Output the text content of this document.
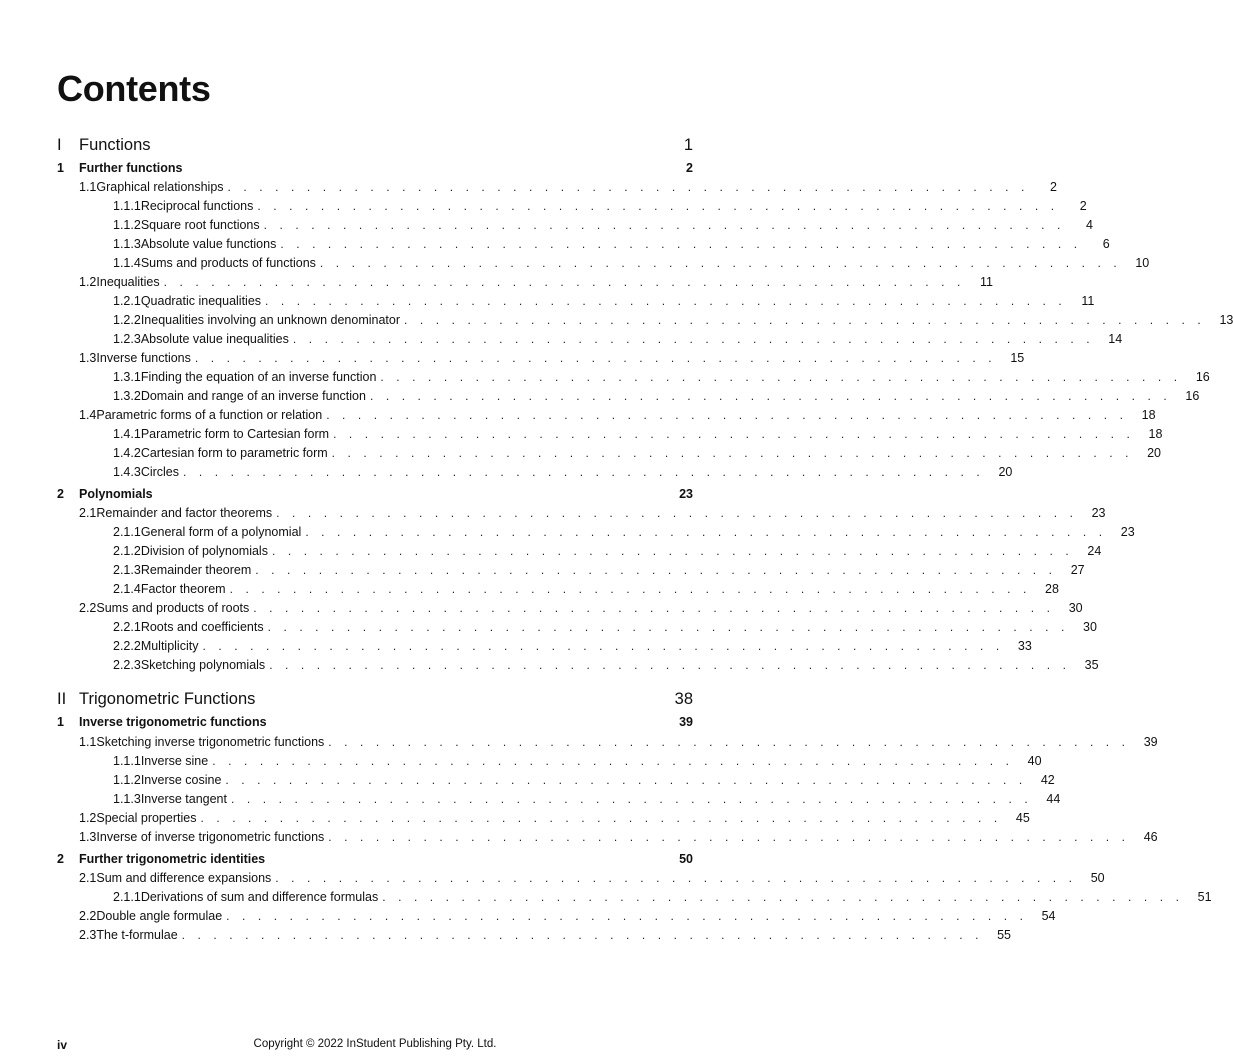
Contents
I	Functions	1
1	Further functions	2
1.1 Graphical relationships . . . . . . . . . . . . . . . . . . . . . . . . . . . . . . . . . . . . . . . . . . . . . . . . . . .	2
1.1.1 Reciprocal functions . . . . . . . . . . . . . . . . . . . . . . . . . . . . . . . . . . . . . . . . . . . . . . . . . . .	2
1.1.2 Square root functions . . . . . . . . . . . . . . . . . . . . . . . . . . . . . . . . . . . . . . . . . . . . . . . . . . .	4
1.1.3 Absolute value functions . . . . . . . . . . . . . . . . . . . . . . . . . . . . . . . . . . . . . . . . . . . . . . . . . . .	6
1.1.4 Sums and products of functions . . . . . . . . . . . . . . . . . . . . . . . . . . . . . . . . . . . . . . . . . . . . . . . . . . .	10
1.2 Inequalities . . . . . . . . . . . . . . . . . . . . . . . . . . . . . . . . . . . . . . . . . . . . . . . . . . .	11
1.2.1 Quadratic inequalities . . . . . . . . . . . . . . . . . . . . . . . . . . . . . . . . . . . . . . . . . . . . . . . . . . .	11
1.2.2 Inequalities involving an unknown denominator . . . . . . . . . . . . . . . . . . . . . . . . . . . . . . . . . . . . . . . . . . . . . . . . . . .	13
1.2.3 Absolute value inequalities . . . . . . . . . . . . . . . . . . . . . . . . . . . . . . . . . . . . . . . . . . . . . . . . . . .	14
1.3 Inverse functions . . . . . . . . . . . . . . . . . . . . . . . . . . . . . . . . . . . . . . . . . . . . . . . . . . .	15
1.3.1 Finding the equation of an inverse function . . . . . . . . . . . . . . . . . . . . . . . . . . . . . . . . . . . . . . . . . . . . . . . . . . .	16
1.3.2 Domain and range of an inverse function . . . . . . . . . . . . . . . . . . . . . . . . . . . . . . . . . . . . . . . . . . . . . . . . . . .	16
1.4 Parametric forms of a function or relation . . . . . . . . . . . . . . . . . . . . . . . . . . . . . . . . . . . . . . . . . . . . . . . . . . .	18
1.4.1 Parametric form to Cartesian form . . . . . . . . . . . . . . . . . . . . . . . . . . . . . . . . . . . . . . . . . . . . . . . . . . .	18
1.4.2 Cartesian form to parametric form . . . . . . . . . . . . . . . . . . . . . . . . . . . . . . . . . . . . . . . . . . . . . . . . . . .	20
1.4.3 Circles . . . . . . . . . . . . . . . . . . . . . . . . . . . . . . . . . . . . . . . . . . . . . . . . . . .	20
2	Polynomials	23
2.1 Remainder and factor theorems . . . . . . . . . . . . . . . . . . . . . . . . . . . . . . . . . . . . . . . . . . . . . . . . . . .	23
2.1.1 General form of a polynomial . . . . . . . . . . . . . . . . . . . . . . . . . . . . . . . . . . . . . . . . . . . . . . . . . . .	23
2.1.2 Division of polynomials . . . . . . . . . . . . . . . . . . . . . . . . . . . . . . . . . . . . . . . . . . . . . . . . . . .	24
2.1.3 Remainder theorem . . . . . . . . . . . . . . . . . . . . . . . . . . . . . . . . . . . . . . . . . . . . . . . . . . .	27
2.1.4 Factor theorem . . . . . . . . . . . . . . . . . . . . . . . . . . . . . . . . . . . . . . . . . . . . . . . . . . .	28
2.2 Sums and products of roots . . . . . . . . . . . . . . . . . . . . . . . . . . . . . . . . . . . . . . . . . . . . . . . . . . .	30
2.2.1 Roots and coefficients . . . . . . . . . . . . . . . . . . . . . . . . . . . . . . . . . . . . . . . . . . . . . . . . . . .	30
2.2.2 Multiplicity . . . . . . . . . . . . . . . . . . . . . . . . . . . . . . . . . . . . . . . . . . . . . . . . . . .	33
2.2.3 Sketching polynomials . . . . . . . . . . . . . . . . . . . . . . . . . . . . . . . . . . . . . . . . . . . . . . . . . . .	35
II Trigonometric Functions	38
1	Inverse trigonometric functions	39
1.1 Sketching inverse trigonometric functions . . . . . . . . . . . . . . . . . . . . . . . . . . . . . . . . . . . . . . . . . . . . . . . . . . .	39
1.1.1 Inverse sine . . . . . . . . . . . . . . . . . . . . . . . . . . . . . . . . . . . . . . . . . . . . . . . . . . .	40
1.1.2 Inverse cosine . . . . . . . . . . . . . . . . . . . . . . . . . . . . . . . . . . . . . . . . . . . . . . . . . . .	42
1.1.3 Inverse tangent . . . . . . . . . . . . . . . . . . . . . . . . . . . . . . . . . . . . . . . . . . . . . . . . . . .	44
1.2 Special properties . . . . . . . . . . . . . . . . . . . . . . . . . . . . . . . . . . . . . . . . . . . . . . . . . . .	45
1.3 Inverse of inverse trigonometric functions . . . . . . . . . . . . . . . . . . . . . . . . . . . . . . . . . . . . . . . . . . . . . . . . . . .	46
2	Further trigonometric identities	50
2.1 Sum and difference expansions . . . . . . . . . . . . . . . . . . . . . . . . . . . . . . . . . . . . . . . . . . . . . . . . . . .	50
2.1.1 Derivations of sum and difference formulas . . . . . . . . . . . . . . . . . . . . . . . . . . . . . . . . . . . . . . . . . . . . . . . . . . .	51
2.2 Double angle formulae . . . . . . . . . . . . . . . . . . . . . . . . . . . . . . . . . . . . . . . . . . . . . . . . . . .	54
2.3 The t-formulae . . . . . . . . . . . . . . . . . . . . . . . . . . . . . . . . . . . . . . . . . . . . . . . . . . .	55
iv	Copyright © 2022 InStudent Publishing Pty. Ltd.
